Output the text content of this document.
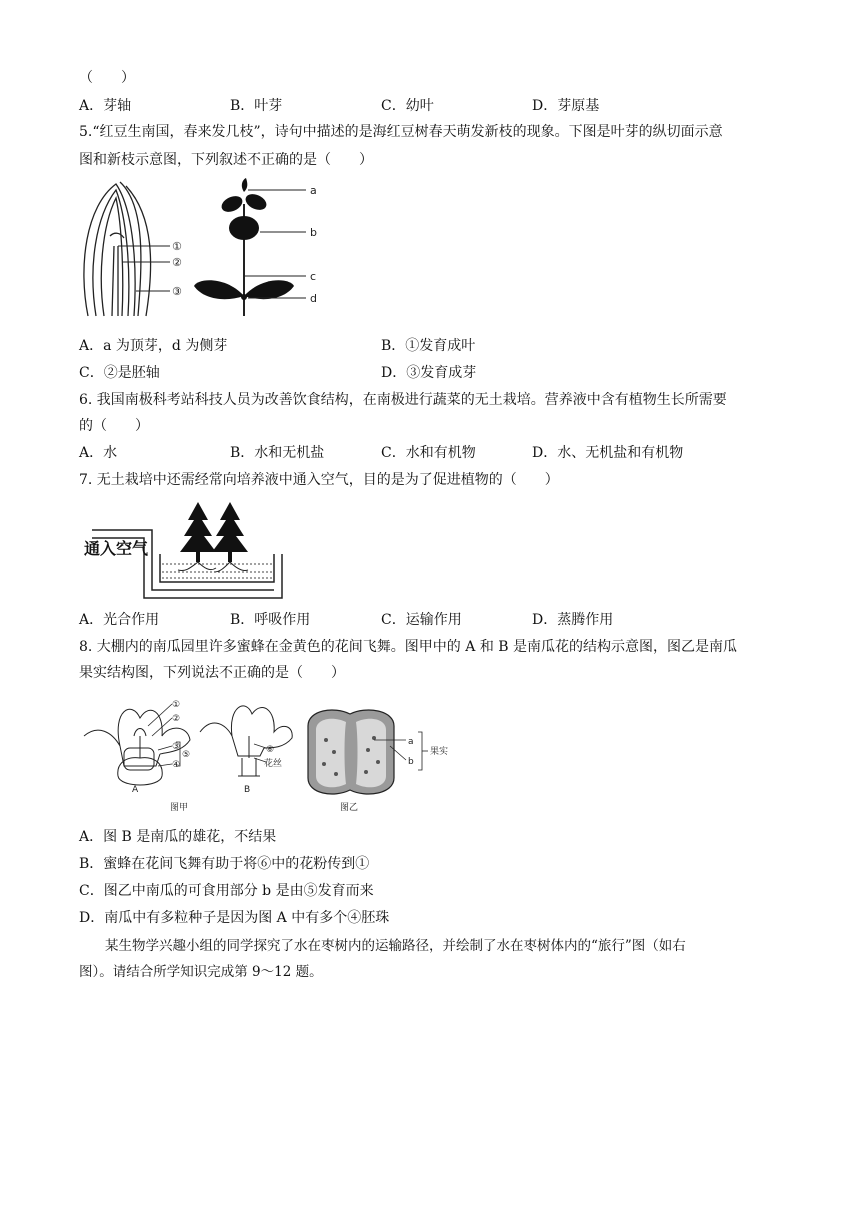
（　　）
A．芽轴	B．叶芽	C．幼叶	D．芽原基
5.“红豆生南国，春来发几枝”，诗句中描述的是海红豆树春天萌发新枝的现象。下图是叶芽的纵切面示意
图和新枝示意图，下列叙述不正确的是（　　）
①
②
③
a
b
c
d
A．a 为顶芽，d 为侧芽	B．①发育成叶
C．②是胚轴	D．③发育成芽
6. 我国南极科考站科技人员为改善饮食结构，在南极进行蔬菜的无土栽培。营养液中含有植物生长所需要
的（　　）
A．水	B．水和无机盐	C．水和有机物	D．水、无机盐和有机物
7. 无土栽培中还需经常向培养液中通入空气，目的是为了促进植物的（　　）
通入空气
A．光合作用	B．呼吸作用	C．运输作用	D．蒸腾作用
8. 大棚内的南瓜园里许多蜜蜂在金黄色的花间飞舞。图甲中的 A 和 B 是南瓜花的结构示意图，图乙是南瓜
果实结构图，下列说法不正确的是（　　）
①
②
③
④
⑤
A
⑥
花丝
B
图甲
a
b
果实
图乙
A．图 B 是南瓜的雄花，不结果
B．蜜蜂在花间飞舞有助于将⑥中的花粉传到①
C．图乙中南瓜的可食用部分 b 是由⑤发育而来
D．南瓜中有多粒种子是因为图 A 中有多个④胚珠
某生物学兴趣小组的同学探究了水在枣树内的运输路径，并绘制了水在枣树体内的“旅行”图（如右
图）。请结合所学知识完成第 9～12 题。
